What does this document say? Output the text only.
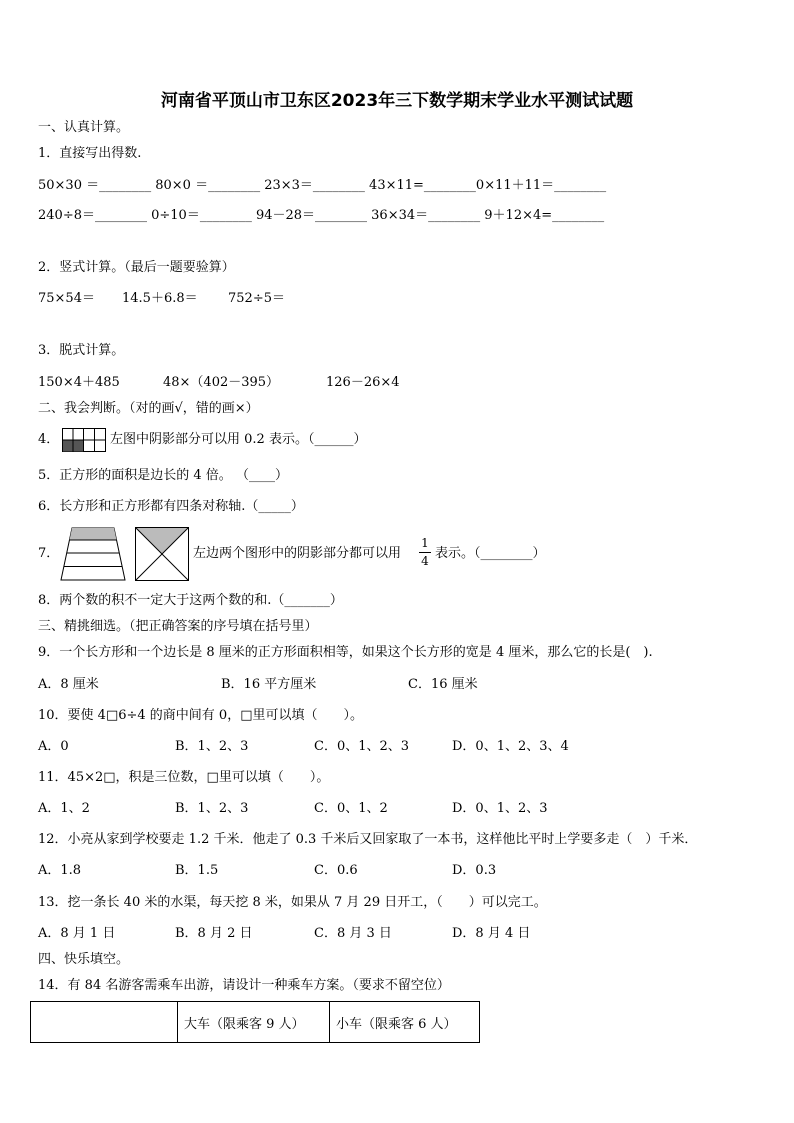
河南省平顶山市卫东区2023年三下数学期末学业水平测试试题
一、认真计算。
1．直接写出得数.
50×30 ＝________ 80×0 ＝________ 23×3＝________ 43×11=________0×11＋11＝________
240÷8＝________ 0÷10＝________ 94－28＝________ 36×34＝________ 9＋12×4=________
2．竖式计算。（最后一题要验算）
75×54＝ 14.5＋6.8＝ 752÷5＝
3．脱式计算。
150×4＋485	48×（402－395）	126－26×4
二、我会判断。（对的画√，错的画×）
4．	左图中阴影部分可以用 0.2 表示。（______）
5．正方形的面积是边长的 4 倍。 （____）
6．长方形和正方形都有四条对称轴.（_____）
7．	左边两个图形中的阴影部分都可以用
1
4 表示。（________）
8．两个数的积不一定大于这两个数的和.（_______）
三、精挑细选。（把正确答案的序号填在括号里）
9．一个长方形和一个边长是 8 厘米的正方形面积相等，如果这个长方形的宽是 4 厘米，那么它的长是(　).
A．8 厘米	B．16 平方厘米	C．16 厘米
10．要使 4□6÷4 的商中间有 0，□里可以填（　　）。
A．0	B．1、2、3	C．0、1、2、3	D．0、1、2、3、4
11．45×2□，积是三位数，□里可以填（　　）。
A．1、2	B．1、2、3	C．0、1、2	D．0、1、2、3
12．小亮从家到学校要走 1.2 千米．他走了 0.3 千米后又回家取了一本书，这样他比平时上学要多走（　）千米．
A．1.8	B．1.5	C．0.6	D．0.3
13．挖一条长 40 米的水渠，每天挖 8 米，如果从 7 月 29 日开工，（　　）可以完工。
A．8 月 1 日	B．8 月 2 日	C．8 月 3 日	D．8 月 4 日
四、快乐填空。
14．有 84 名游客需乘车出游，请设计一种乘车方案。（要求不留空位）
	大车（限乘客 9 人）	小车（限乘客 6 人）
